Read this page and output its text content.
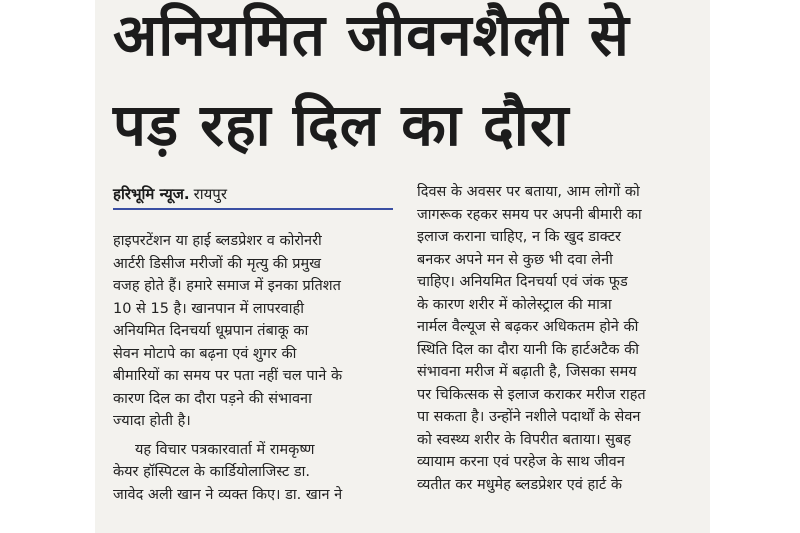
अनियमित जीवनशैली से
पड़ रहा दिल का दौरा
हरिभूमि न्यूज. रायपुर
हाइपरटेंशन या हाई ब्लडप्रेशर व कोरोनरी
आर्टरी डिसीज मरीजों की मृत्यु की प्रमुख
वजह होते हैं। हमारे समाज में इनका प्रतिशत
10 से 15 है। खानपान में लापरवाही
अनियमित दिनचर्या धूम्रपान तंबाकू का
सेवन मोटापे का बढ़ना एवं शुगर की
बीमारियों का समय पर पता नहीं चल पाने के
कारण दिल का दौरा पड़ने की संभावना
ज्यादा होती है।
यह विचार पत्रकारवार्ता में रामकृष्ण
केयर हॉस्पिटल के कार्डियोलाजिस्ट डा.
जावेद अली खान ने व्यक्त किए। डा. खान ने
दिवस के अवसर पर बताया, आम लोगों को
जागरूक रहकर समय पर अपनी बीमारी का
इलाज कराना चाहिए, न कि खुद डाक्टर
बनकर अपने मन से कुछ भी दवा लेनी
चाहिए। अनियमित दिनचर्या एवं जंक फूड
के कारण शरीर में कोलेस्ट्राल की मात्रा
नार्मल वैल्यूज से बढ़कर अधिकतम होने की
स्थिति दिल का दौरा यानी कि हार्टअटैक की
संभावना मरीज में बढ़ाती है, जिसका समय
पर चिकित्सक से इलाज कराकर मरीज राहत
पा सकता है। उन्होंने नशीले पदार्थों के सेवन
को स्वस्थ्य शरीर के विपरीत बताया। सुबह
व्यायाम करना एवं परहेज के साथ जीवन
व्यतीत कर मधुमेह ब्लडप्रेशर एवं हार्ट के
